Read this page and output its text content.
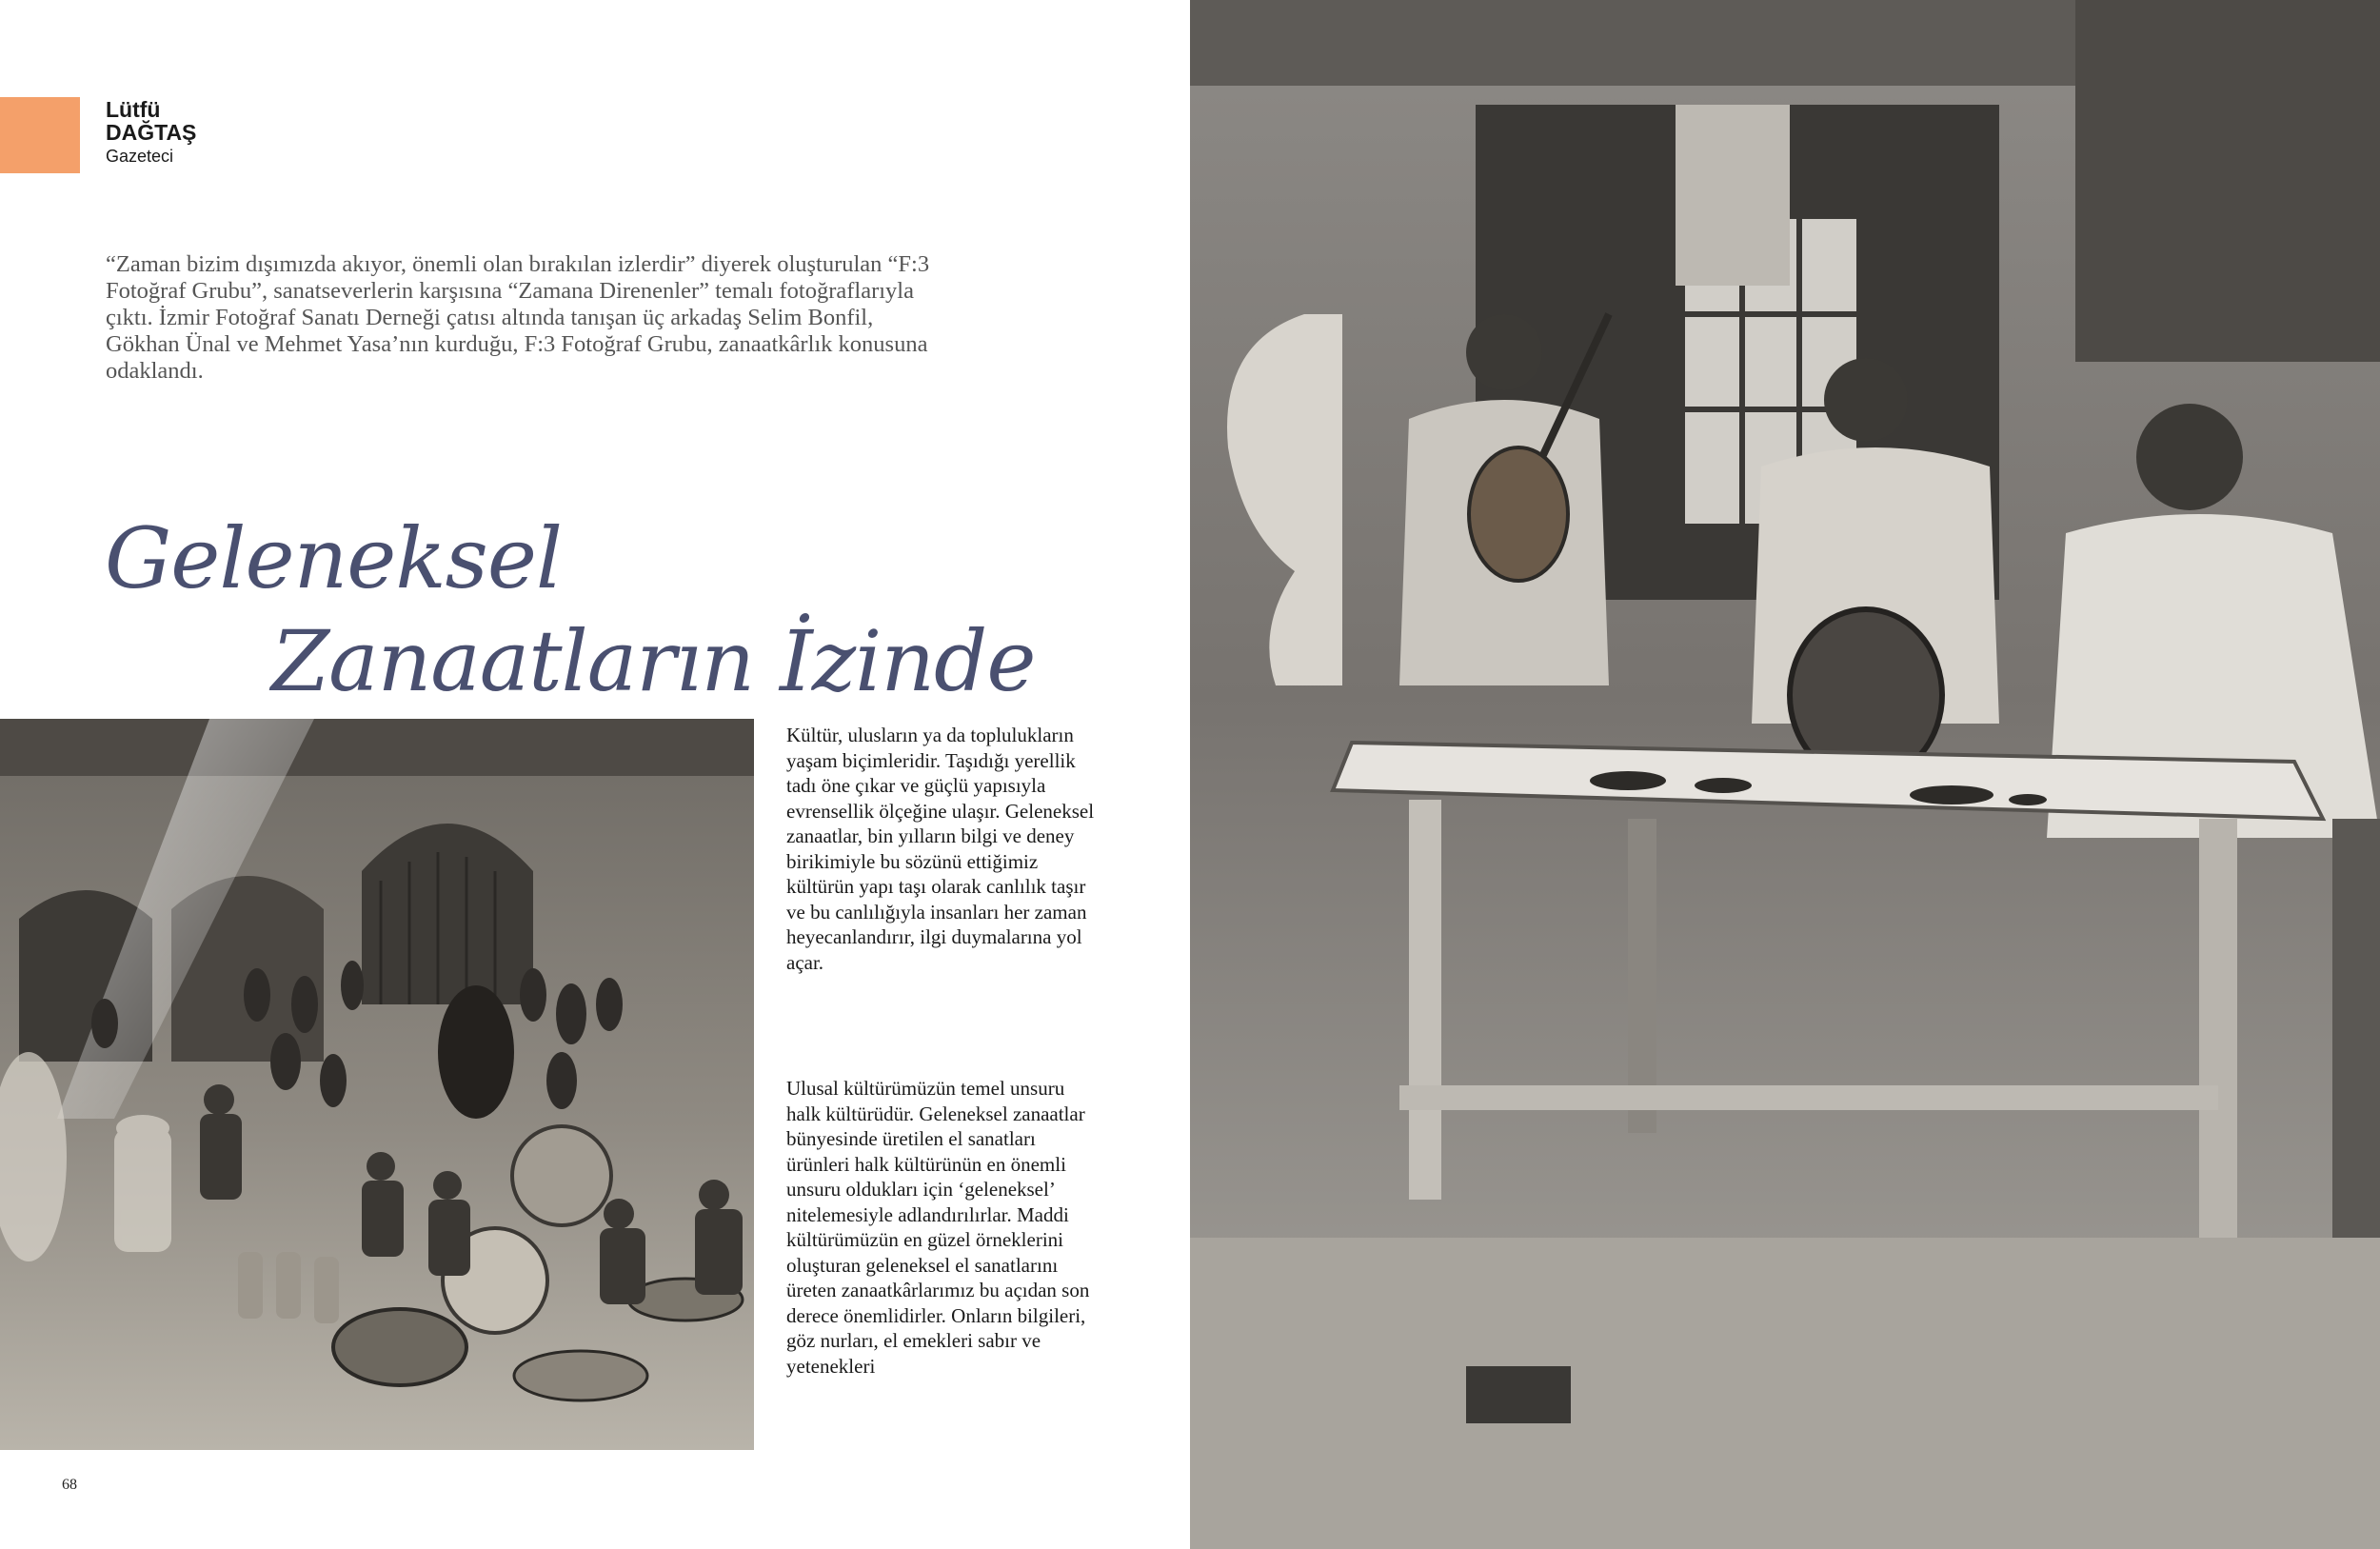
Lütfü
DAĞTAŞ
Gazeteci

“Zaman bizim dışımızda akıyor, önemli olan bırakılan izlerdir” diyerek oluşturulan “F:3 Fotoğraf Grubu”, sanatseverlerin karşısına “Zamana Direnenler” temalı fotoğraflarıyla çıktı. İzmir Fotoğraf Sanatı Derneği çatısı altında tanışan üç arkadaş Selim Bonfil, Gökhan Ünal ve Mehmet Yasa’nın kurduğu, F:3 Fotoğraf Grubu, zanaatkârlık konusuna odaklandı.

Geleneksel
Zanaatların İzinde

Kültür, ulusların ya da toplulukların yaşam biçimleridir. Taşıdığı yerellik tadı öne çıkar ve güçlü yapısıyla evrensellik ölçeğine ulaşır. Geleneksel zanaatlar, bin yılların bilgi ve deney birikimiyle bu sözünü ettiğimiz kültürün yapı taşı olarak canlılık taşır ve bu canlılığıyla insanları her zaman heyecanlandırır, ilgi duymalarına yol açar.

Ulusal kültürümüzün temel unsuru halk kültürüdür. Geleneksel zanaatlar bünyesinde üretilen el sanatları ürünleri halk kültürünün en önemli unsuru oldukları için ‘geleneksel’ nitelemesiyle adlandırılırlar. Maddi kültürümüzün en güzel örneklerini oluşturan geleneksel el sanatlarını üreten zanaatkârlarımız bu açıdan son derece önemlidirler. Onların bilgileri, göz nurları, el emekleri sabır ve yetenekleri

68
